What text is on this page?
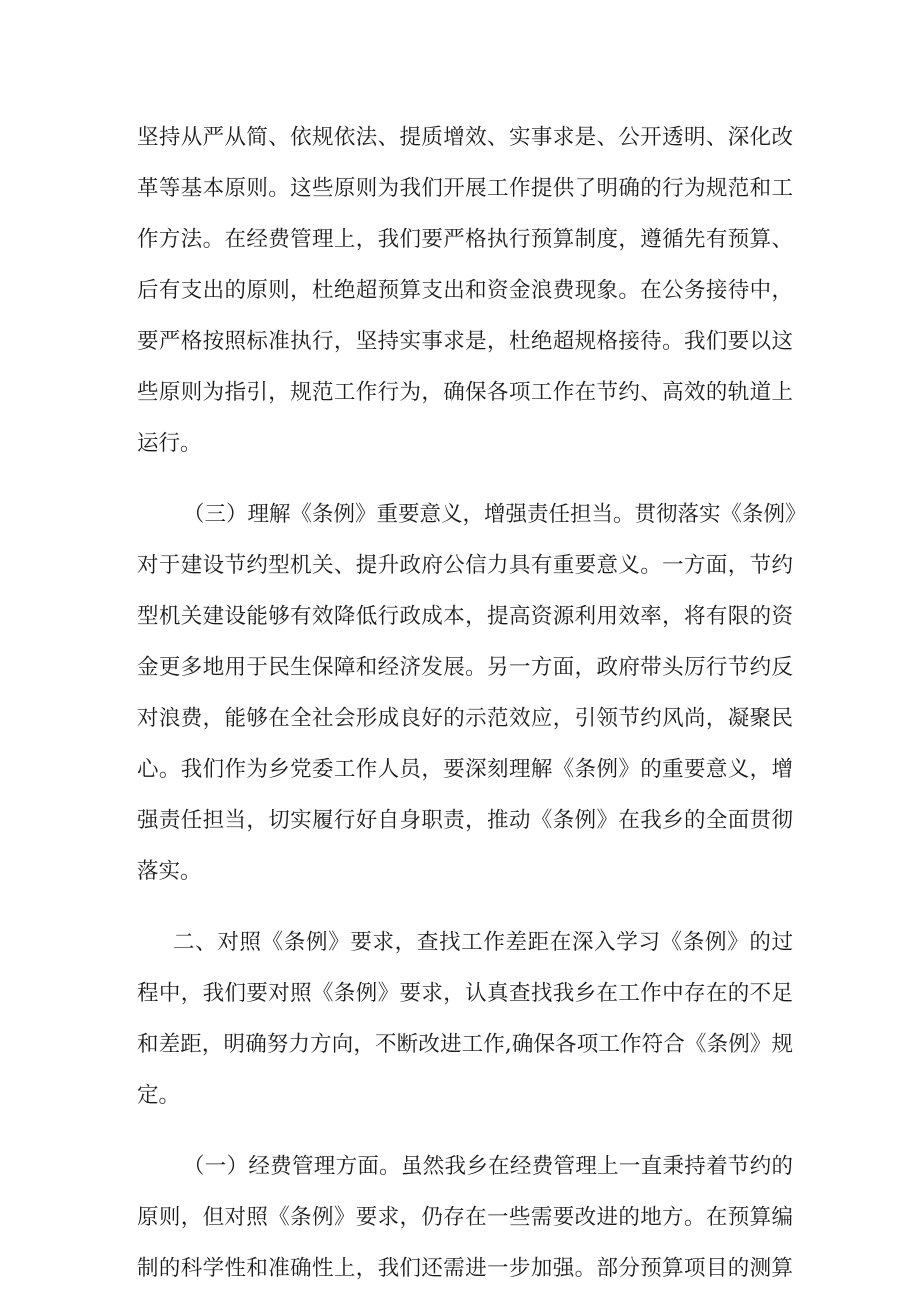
坚持从严从简、依规依法、提质增效、实事求是、公开透明、深化改
革等基本原则。这些原则为我们开展工作提供了明确的行为规范和工
作方法。在经费管理上，我们要严格执行预算制度，遵循先有预算、
后有支出的原则，杜绝超预算支出和资金浪费现象。在公务接待中，
要严格按照标准执行，坚持实事求是，杜绝超规格接待。我们要以这
些原则为指引，规范工作行为，确保各项工作在节约、高效的轨道上
运行。
（三）理解《条例》重要意义，增强责任担当。贯彻落实《条例》
对于建设节约型机关、提升政府公信力具有重要意义。一方面，节约
型机关建设能够有效降低行政成本，提高资源利用效率，将有限的资
金更多地用于民生保障和经济发展。另一方面，政府带头厉行节约反
对浪费，能够在全社会形成良好的示范效应，引领节约风尚，凝聚民
心。我们作为乡党委工作人员，要深刻理解《条例》的重要意义，增
强责任担当，切实履行好自身职责，推动《条例》在我乡的全面贯彻
落实。
二、对照《条例》要求，查找工作差距在深入学习《条例》的过
程中，我们要对照《条例》要求，认真查找我乡在工作中存在的不足
和差距，明确努力方向，不断改进工作,确保各项工作符合《条例》规
定。
（一）经费管理方面。虽然我乡在经费管理上一直秉持着节约的
原则，但对照《条例》要求，仍存在一些需要改进的地方。在预算编
制的科学性和准确性上，我们还需进一步加强。部分预算项目的测算
